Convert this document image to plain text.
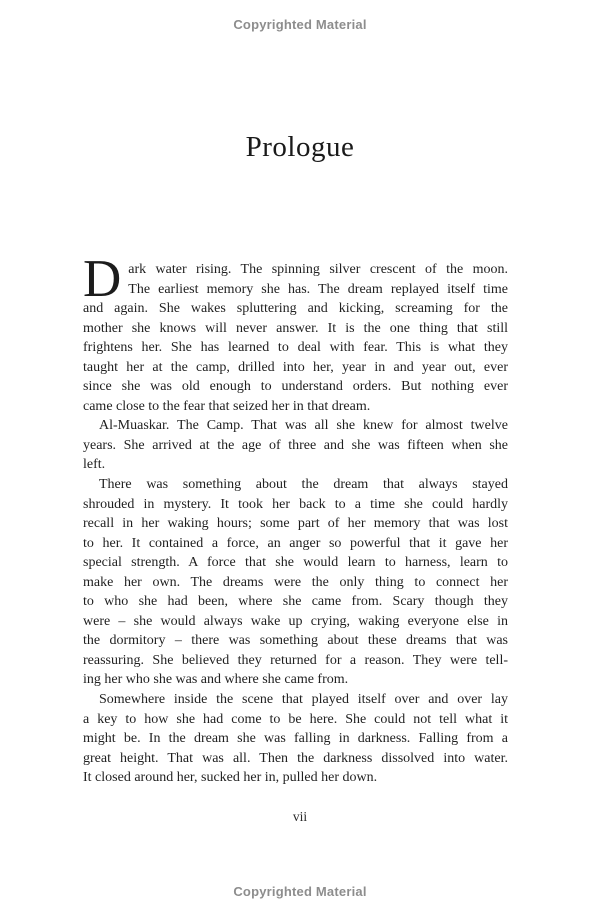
Copyrighted Material
Prologue
D ark water rising. The spinning silver crescent of the moon.
The earliest memory she has. The dream replayed itself time
and again. She wakes spluttering and kicking, screaming for the
mother she knows will never answer. It is the one thing that still
frightens her. She has learned to deal with fear. This is what they
taught her at the camp, drilled into her, year in and year out, ever
since she was old enough to understand orders. But nothing ever
came close to the fear that seized her in that dream.
Al-Muaskar. The Camp. That was all she knew for almost twelve
years. She arrived at the age of three and she was fifteen when she
left.
There was something about the dream that always stayed
shrouded in mystery. It took her back to a time she could hardly
recall in her waking hours; some part of her memory that was lost
to her. It contained a force, an anger so powerful that it gave her
special strength. A force that she would learn to harness, learn to
make her own. The dreams were the only thing to connect her
to who she had been, where she came from. Scary though they
were – she would always wake up crying, waking everyone else in
the dormitory – there was something about these dreams that was
reassuring. She believed they returned for a reason. They were tell-
ing her who she was and where she came from.
Somewhere inside the scene that played itself over and over lay
a key to how she had come to be here. She could not tell what it
might be. In the dream she was falling in darkness. Falling from a
great height. That was all. Then the darkness dissolved into water.
It closed around her, sucked her in, pulled her down.
vii
Copyrighted Material
